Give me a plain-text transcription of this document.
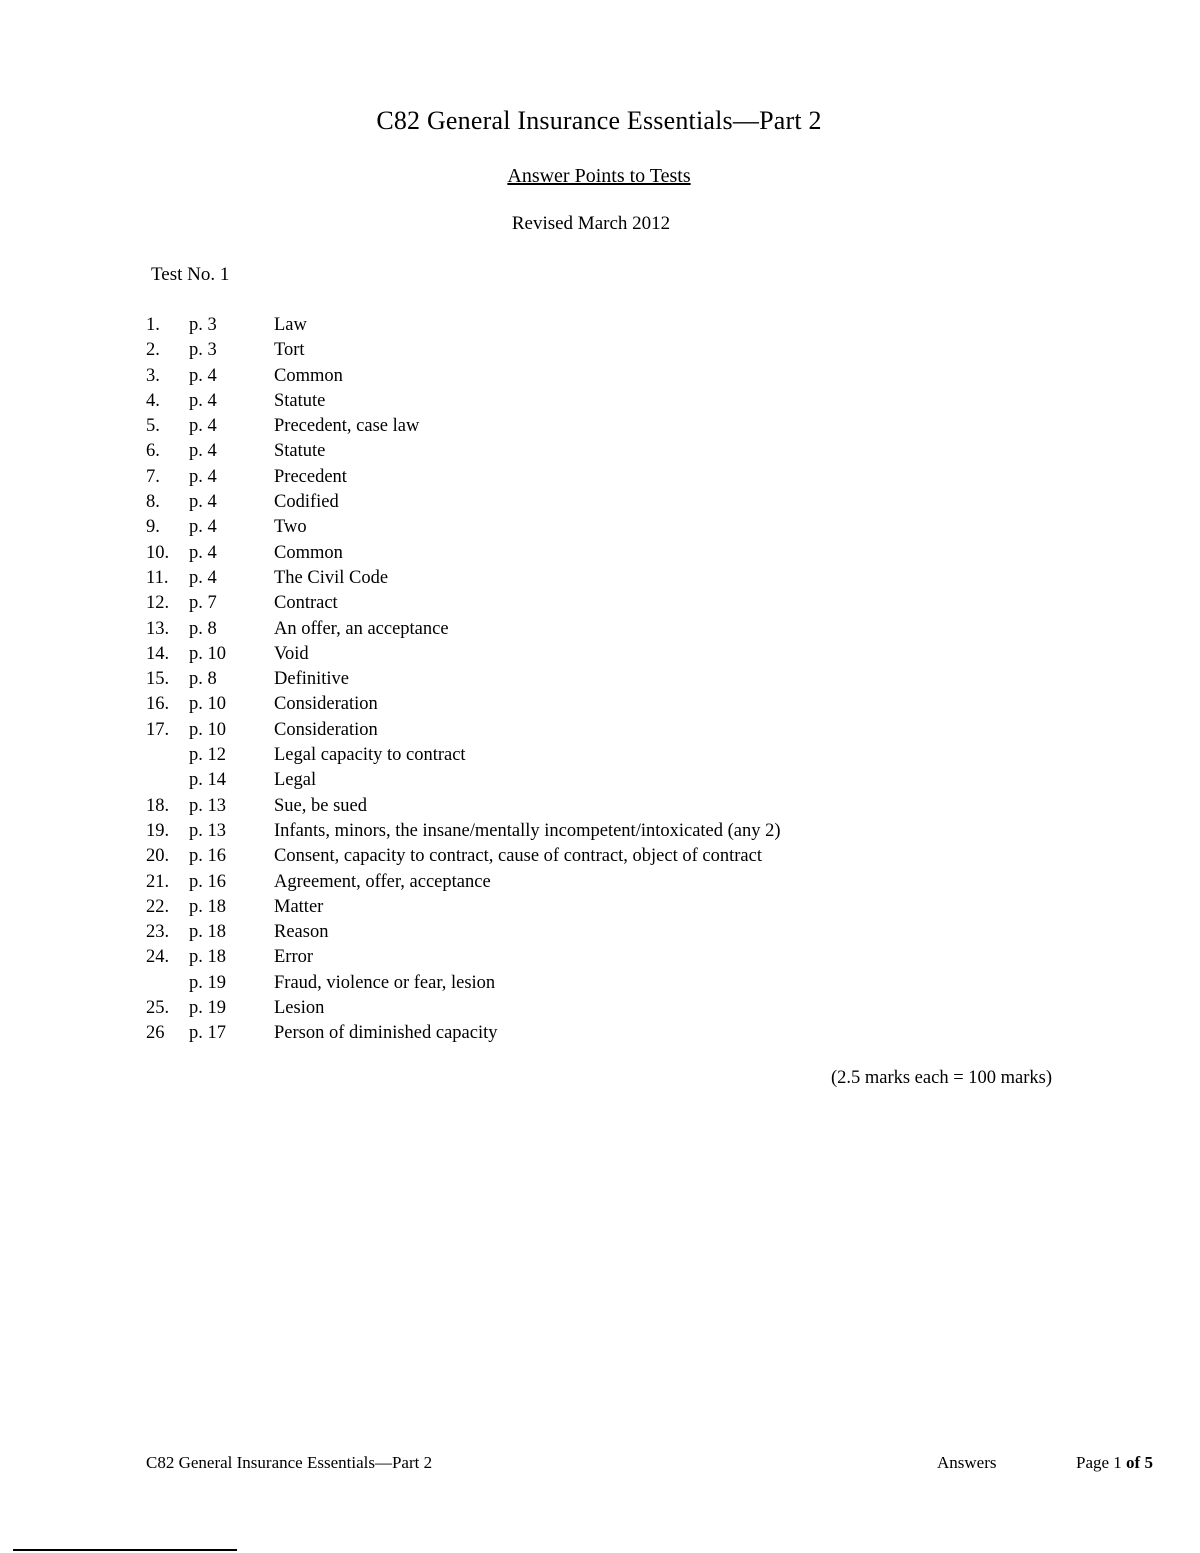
C82 General Insurance Essentials—Part 2
Answer Points to Tests
Revised March 2012
Test No. 1
1.	p. 3	Law
2.	p. 3	Tort
3.	p. 4	Common
4.	p. 4	Statute
5.	p. 4	Precedent, case law
6.	p. 4	Statute
7.	p. 4	Precedent
8.	p. 4	Codified
9.	p. 4	Two
10.	p. 4	Common
11.	p. 4	The Civil Code
12.	p. 7	Contract
13.	p. 8	An offer, an acceptance
14.	p. 10	Void
15.	p. 8	Definitive
16.	p. 10	Consideration
17.	p. 10	Consideration
p. 12	Legal capacity to contract
p. 14	Legal
18.	p. 13	Sue, be sued
19.	p. 13	Infants, minors, the insane/mentally incompetent/intoxicated (any 2)
20.	p. 16	Consent, capacity to contract, cause of contract, object of contract
21.	p. 16	Agreement, offer, acceptance
22.	p. 18	Matter
23.	p. 18	Reason
24.	p. 18	Error
p. 19	Fraud, violence or fear, lesion
25.	p. 19	Lesion
26	p. 17	Person of diminished capacity
(2.5 marks each = 100 marks)
C82 General Insurance Essentials—Part 2	Answers	Page 1 of 5
